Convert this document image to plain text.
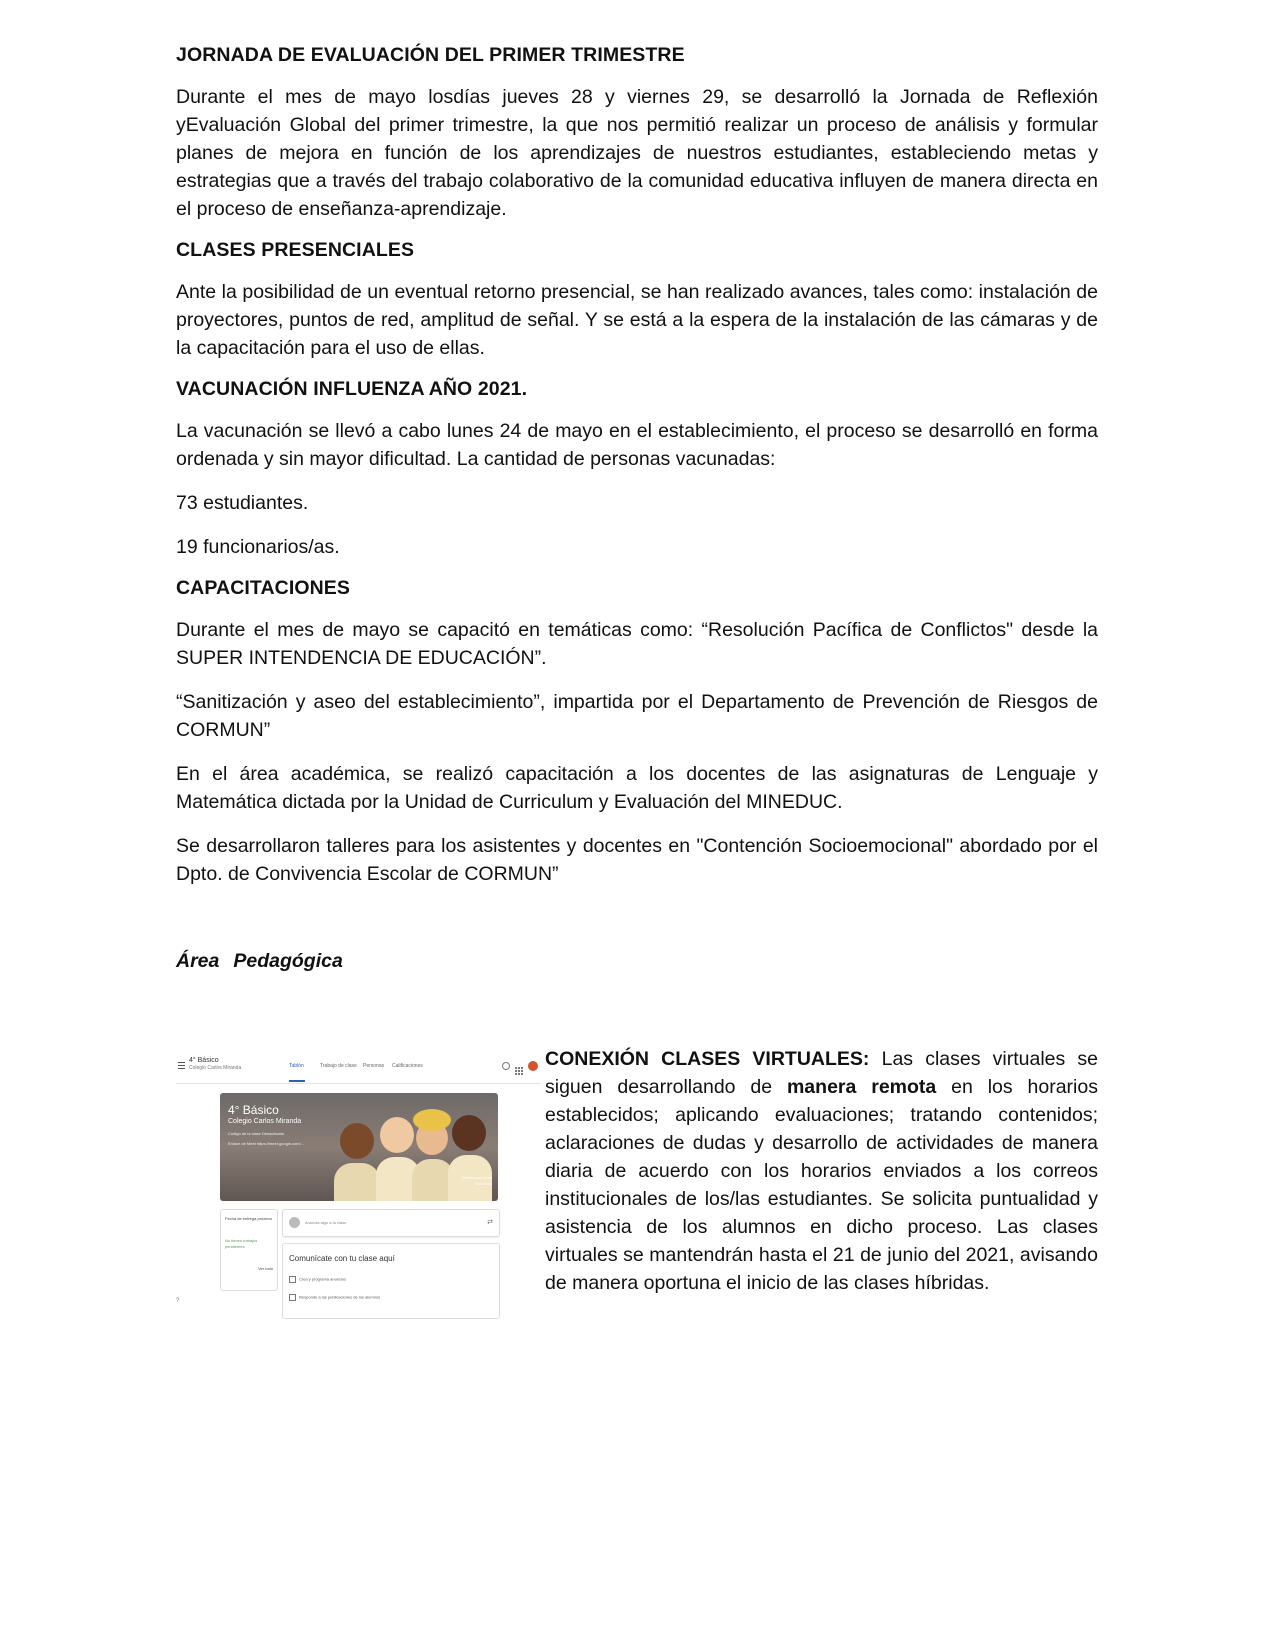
JORNADA DE EVALUACIÓN DEL PRIMER TRIMESTRE

Durante el mes de mayo losdías jueves 28 y viernes 29, se desarrolló la Jornada de Reflexión yEvaluación Global del primer trimestre, la que nos permitió realizar un proceso de análisis y formular planes de mejora en función de los aprendizajes de nuestros estudiantes, estableciendo metas y estrategias que a través del trabajo colaborativo de la comunidad educativa influyen de manera directa en el proceso de enseñanza-aprendizaje.

CLASES PRESENCIALES

Ante la posibilidad de un eventual retorno presencial, se han realizado avances, tales como: instalación de proyectores, puntos de red, amplitud de señal. Y se está a la espera de la instalación de las cámaras y de la capacitación para el uso de ellas.

VACUNACIÓN INFLUENZA AÑO 2021.

La vacunación se llevó a cabo lunes 24 de mayo en el establecimiento, el proceso se desarrolló en forma ordenada y sin mayor dificultad. La cantidad de personas vacunadas:

73 estudiantes.

19 funcionarios/as.

CAPACITACIONES

Durante el mes de mayo se capacitó en temáticas como: “Resolución Pacífica de Conflictos" desde la SUPER INTENDENCIA DE EDUCACIÓN”.

“Sanitización y aseo del establecimiento”, impartida por el Departamento de Prevención de Riesgos de CORMUN”

En el área académica, se realizó capacitación a los docentes de las asignaturas de Lenguaje y Matemática dictada por la Unidad de Curriculum y Evaluación del MINEDUC.

Se desarrollaron talleres para los asistentes y docentes en "Contención Socioemocional" abordado por el Dpto. de Convivencia Escolar de CORMUN”

Área Pedagógica
4° Básico
Colegio Carlos Miranda	Tablón	Trabajo de clase Personas Calificaciones
4° Básico
Colegio Carlos Miranda
Código de la clase Desactivado
Enlace de Meet https://meet.google.com/...
Seleccionar tema
Subir foto
Fecha de entrega próxima
No tienes trabajos pendientes
Ver todo
Anuncia algo a tu clase	⇄
Comunícate con tu clase aquí
Crea y programa anuncios
Responde a las publicaciones de los alumnos
?
CONEXIÓN CLASES VIRTUALES: Las clases virtuales se siguen desarrollando de manera remota en los horarios establecidos; aplicando evaluaciones; tratando contenidos; aclaraciones de dudas y desarrollo de actividades de manera diaria de acuerdo con los horarios enviados a los correos institucionales de los/las estudiantes. Se solicita puntualidad y asistencia de los alumnos en dicho proceso. Las clases virtuales se mantendrán hasta el 21 de junio del 2021, avisando de manera oportuna el inicio de las clases híbridas.
